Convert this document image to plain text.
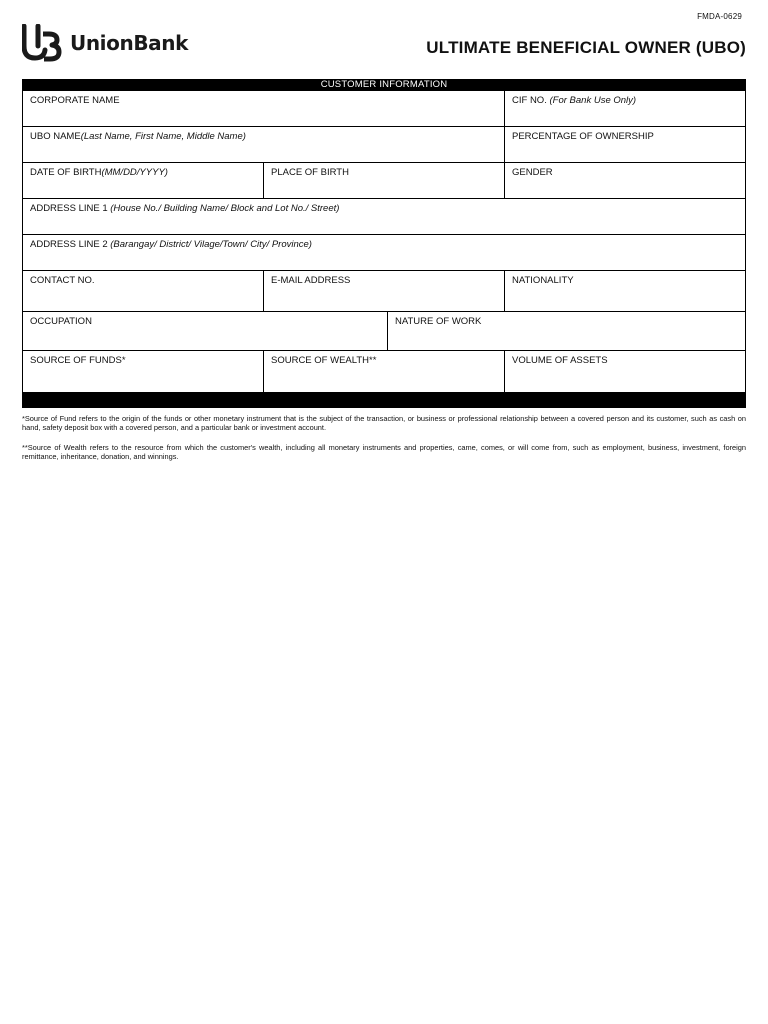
FMDA-0629
UnionBank	ULTIMATE BENEFICIAL OWNER (UBO)
CUSTOMER INFORMATION
CORPORATE NAME	CIF NO. (For Bank Use Only)
UBO NAME(Last Name, First Name, Middle Name)	PERCENTAGE OF OWNERSHIP
DATE OF BIRTH(MM/DD/YYYY)	PLACE OF BIRTH	GENDER
ADDRESS LINE 1 (House No./ Building Name/ Block and Lot No./ Street)
ADDRESS LINE 2 (Barangay/ District/ Vilage/Town/ City/ Province)
CONTACT NO.	E-MAIL ADDRESS	NATIONALITY
OCCUPATION	NATURE OF WORK
SOURCE OF FUNDS*	SOURCE OF WEALTH**	VOLUME OF ASSETS

*Source of Fund refers to the origin of the funds or other monetary instrument that is the subject of the transaction, or business or professional relationship between a covered person and its customer, such as cash on hand, safety deposit box with a covered person, and a particular bank or investment account.

**Source of Wealth refers to the resource from which the customer's wealth, including all monetary instruments and properties, came, comes, or will come from, such as employment, business, investment, foreign remittance, inheritance, donation, and winnings.
